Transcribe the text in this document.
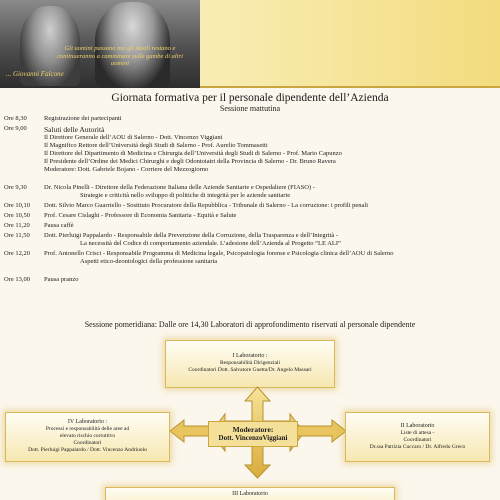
Gli uomini passano ma gli ideali restano e continueranno a camminare sulle gambe di altri uomini
... Giovanni Falcone
Giornata formativa per il personale dipendente dell’Azienda
Sessione mattutina
Ore 8,30	Registrazione dei partecipanti
Ore 9,00	Saluti delle Autorità
Il Direttore Generale dell’AOU di Salerno - Dott. Vincenzo Viggiani
Il Magnifico Rettore dell’Università degli Studi di Salerno - Prof. Aurelio Tommasetti
Il Direttore del Dipartimento di Medicina e Chirurgia dell’Università degli Studi di Salerno - Prof. Mario Capunzo
Il Presidente dell’Ordine dei Medici Chirurghi e degli Odontoiatri della Provincia di Salerno - Dr. Bruno Ravera
Moderatore: Dott. Gabriele Bojano - Corriere del Mezzogiorno
Ore 9,30	Dr. Nicola Pinelli - Direttore della Federazione Italiana delle Aziende Sanitarie e Ospedaliere (FIASO) -
Strategie e criticità nello sviluppo di politiche di integrità per le aziende sanitarie
Ore 10,10	Dott. Silvio Marco Guarriello - Sostituto Procuratore della Repubblica - Tribunale di Salerno - La corruzione: i profili penali
Ore 10,50	Prof. Cesare Cislaghi - Professore di Economia Sanitaria - Equità e Salute
Ore 11,20	Pausa caffè
Ore 11,50	Dott. Pierluigi Pappalardo - Responsabile della Prevenzione della Corruzione, della Trasparenza e dell’Integrità -
La necessità del Codice di comportamento aziendale. L’adesione dell’Azienda al Progetto “LE ALI”
Ore 12,20	Prof. Antonello Crisci - Responsabile Programma di Medicina legale, Psicopatologia forense e Psicologia clinica dell’AOU di Salerno
Aspetti etico-deontologici della professione sanitaria
Ore 13,00	Pausa pranzo
Sessione pomeridiana: Dalle ore 14,30 Laboratori di approfondimento riservati al personale dipendente
I Laboratorio :
Responsabilità Dirigenziali
Coordinatori Dott. Salvatore Guetta/Dr. Angelo Massari
Moderatore:
Dott. VincenzoViggiani
IV Laboratorio :
Processi e responsabilità delle aree ad
elevato rischio corruttivo
Coordinatori
Dott. Pierluigi Pappalardo / Dott. Vincenzo Andriuolo
II Laboratorio
Liste di attesa -
Coordinatori
Dr.ssa Patrizia Cuccaro / Dr. Alfredo Greco
III Laboratorio
